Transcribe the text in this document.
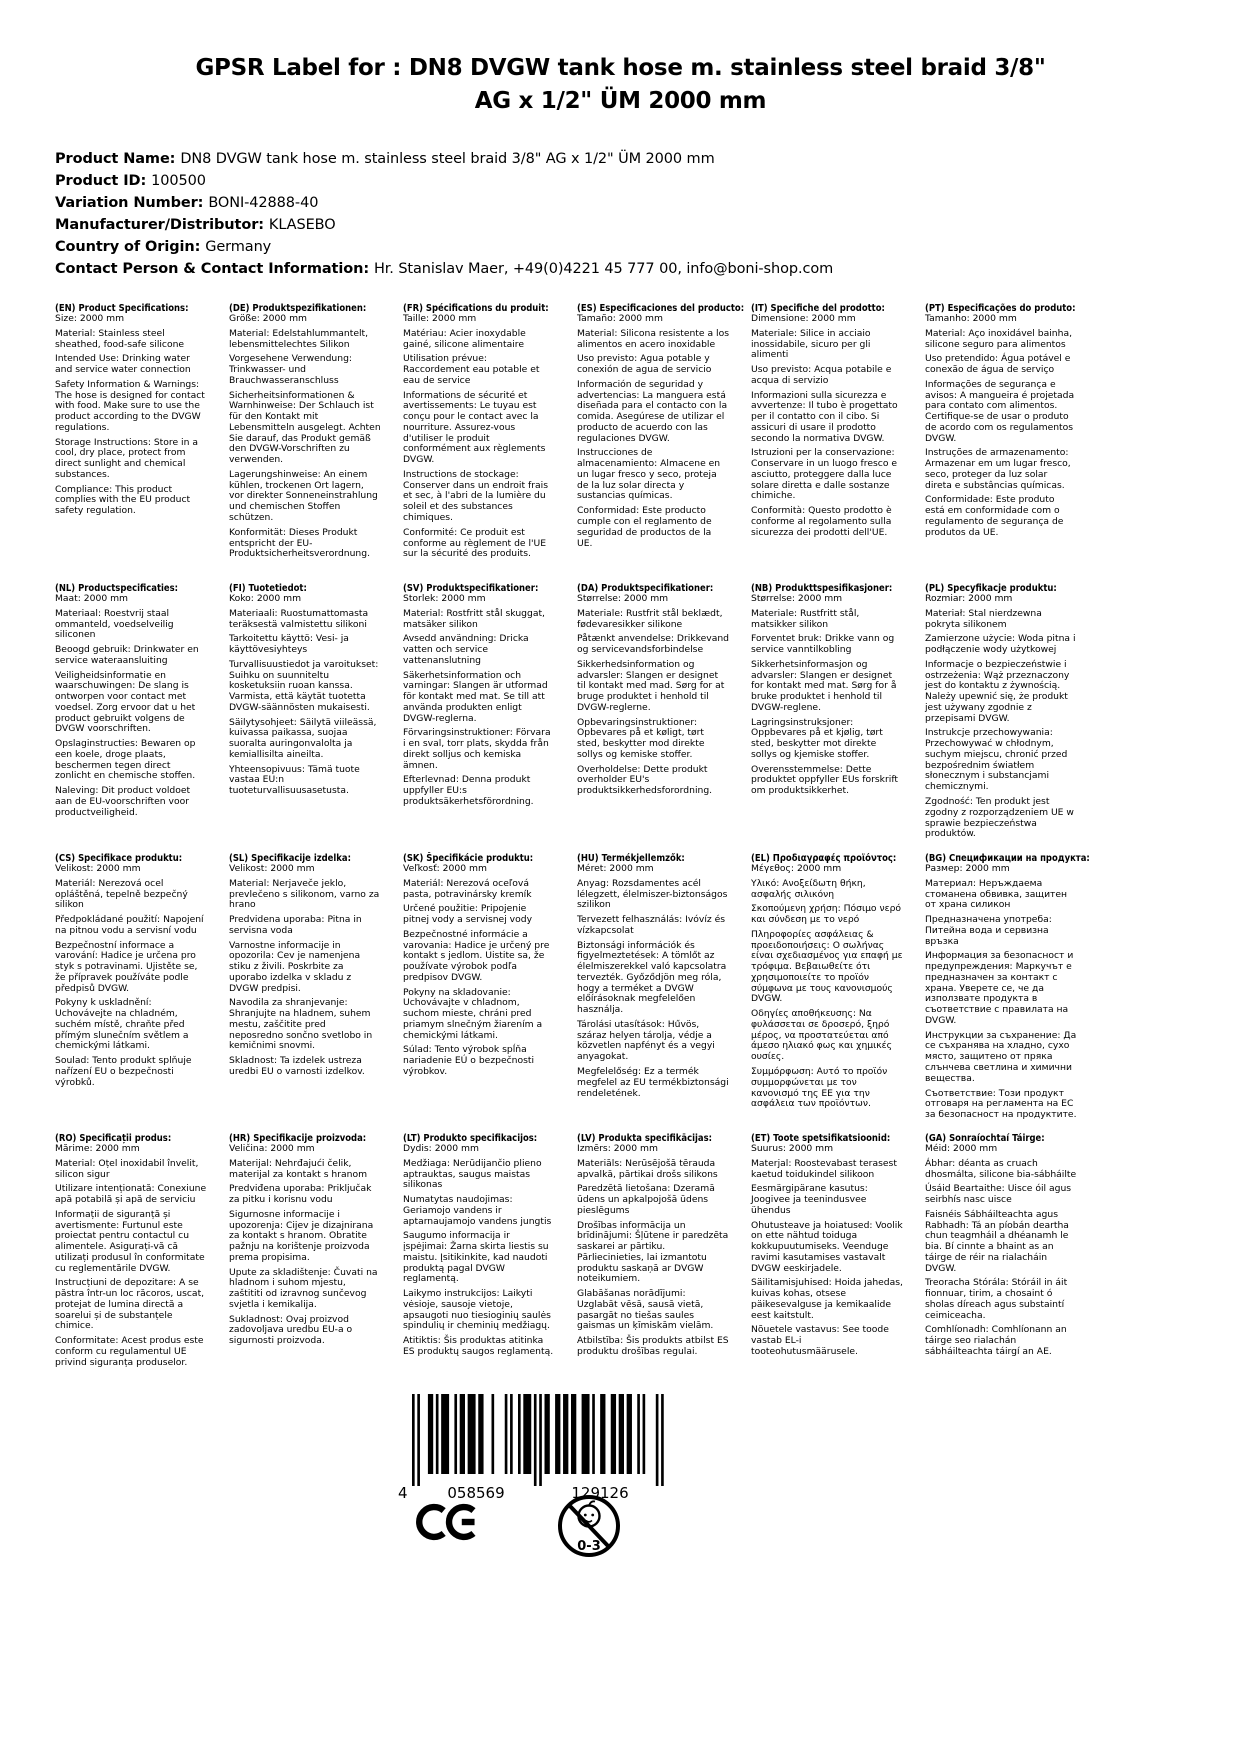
GPSR Label for : DN8 DVGW tank hose m. stainless steel braid 3/8"
AG x 1/2" ÜM 2000 mm
Product Name: DN8 DVGW tank hose m. stainless steel braid 3/8" AG x 1/2" ÜM 2000 mm
Product ID: 100500
Variation Number: BONI-42888-40
Manufacturer/Distributor: KLASEBO
Country of Origin: Germany
Contact Person & Contact Information: Hr. Stanislav Maer, +49(0)4221 45 777 00, info@boni-shop.com
(EN) Product Specifications:
Size: 2000 mm
Material: Stainless steel sheathed, food-safe silicone
Intended Use: Drinking water and service water connection
Safety Information & Warnings: The hose is designed for contact with food. Make sure to use the product according to the DVGW regulations.
Storage Instructions: Store in a cool, dry place, protect from direct sunlight and chemical substances.
Compliance: This product complies with the EU product safety regulation.
(DE) Produktspezifikationen:
Größe: 2000 mm
Material: Edelstahlummantelt, lebensmittelechtes Silikon
Vorgesehene Verwendung: Trinkwasser- und Brauchwasseranschluss
Sicherheitsinformationen & Warnhinweise: Der Schlauch ist für den Kontakt mit Lebensmitteln ausgelegt. Achten Sie darauf, das Produkt gemäß den DVGW-Vorschriften zu verwenden.
Lagerungshinweise: An einem kühlen, trockenen Ort lagern, vor direkter Sonneneinstrahlung und chemischen Stoffen schützen.
Konformität: Dieses Produkt entspricht der EU-Produktsicherheitsverordnung.
(FR) Spécifications du produit:
Taille: 2000 mm
Matériau: Acier inoxydable gainé, silicone alimentaire
Utilisation prévue: Raccordement eau potable et eau de service
Informations de sécurité et avertissements: Le tuyau est conçu pour le contact avec la nourriture. Assurez-vous d'utiliser le produit conformément aux règlements DVGW.
Instructions de stockage: Conserver dans un endroit frais et sec, à l'abri de la lumière du soleil et des substances chimiques.
Conformité: Ce produit est conforme au règlement de l'UE sur la sécurité des produits.
(ES) Especificaciones del producto:
Tamaño: 2000 mm
Material: Silicona resistente a los alimentos en acero inoxidable
Uso previsto: Agua potable y conexión de agua de servicio
Información de seguridad y advertencias: La manguera está diseñada para el contacto con la comida. Asegúrese de utilizar el producto de acuerdo con las regulaciones DVGW.
Instrucciones de almacenamiento: Almacene en un lugar fresco y seco, proteja de la luz solar directa y sustancias químicas.
Conformidad: Este producto cumple con el reglamento de seguridad de productos de la UE.
(IT) Specifiche del prodotto:
Dimensione: 2000 mm
Materiale: Silice in acciaio inossidabile, sicuro per gli alimenti
Uso previsto: Acqua potabile e acqua di servizio
Informazioni sulla sicurezza e avvertenze: Il tubo è progettato per il contatto con il cibo. Si assicuri di usare il prodotto secondo la normativa DVGW.
Istruzioni per la conservazione: Conservare in un luogo fresco e asciutto, proteggere dalla luce solare diretta e dalle sostanze chimiche.
Conformità: Questo prodotto è conforme al regolamento sulla sicurezza dei prodotti dell'UE.
(PT) Especificações do produto:
Tamanho: 2000 mm
Material: Aço inoxidável bainha, silicone seguro para alimentos
Uso pretendido: Água potável e conexão de água de serviço
Informações de segurança e avisos: A mangueira é projetada para contato com alimentos. Certifique-se de usar o produto de acordo com os regulamentos DVGW.
Instruções de armazenamento: Armazenar em um lugar fresco, seco, proteger da luz solar direta e substâncias químicas.
Conformidade: Este produto está em conformidade com o regulamento de segurança de produtos da UE.
(NL) Productspecificaties:
Maat: 2000 mm
Materiaal: Roestvrij staal ommanteld, voedselveilig siliconen
Beoogd gebruik: Drinkwater en service wateraansluiting
Veiligheidsinformatie en waarschuwingen: De slang is ontworpen voor contact met voedsel. Zorg ervoor dat u het product gebruikt volgens de DVGW voorschriften.
Opslaginstructies: Bewaren op een koele, droge plaats, beschermen tegen direct zonlicht en chemische stoffen.
Naleving: Dit product voldoet aan de EU-voorschriften voor productveiligheid.
(FI) Tuotetiedot:
Koko: 2000 mm
Materiaali: Ruostumattomasta teräksestä valmistettu silikoni
Tarkoitettu käyttö: Vesi- ja käyttövesiyhteys
Turvallisuustiedot ja varoitukset: Suihku on suunniteltu kosketuksiin ruoan kanssa. Varmista, että käytät tuotetta DVGW-säännösten mukaisesti.
Säilytysohjeet: Säilytä viileässä, kuivassa paikassa, suojaa suoralta auringonvalolta ja kemiallisilta aineilta.
Yhteensopivuus: Tämä tuote vastaa EU:n tuoteturvallisuusasetusta.
(SV) Produktspecifikationer:
Storlek: 2000 mm
Material: Rostfritt stål skuggat, matsäker silikon
Avsedd användning: Dricka vatten och service vattenanslutning
Säkerhetsinformation och varningar: Slangen är utformad för kontakt med mat. Se till att använda produkten enligt DVGW-reglerna.
Förvaringsinstruktioner: Förvara i en sval, torr plats, skydda från direkt solljus och kemiska ämnen.
Efterlevnad: Denna produkt uppfyller EU:s produktsäkerhetsförordning.
(DA) Produktspecifikationer:
Størrelse: 2000 mm
Materiale: Rustfrit stål beklædt, fødevaresikker silikone
Påtænkt anvendelse: Drikkevand og servicevandsforbindelse
Sikkerhedsinformation og advarsler: Slangen er designet til kontakt med mad. Sørg for at bruge produktet i henhold til DVGW-reglerne.
Opbevaringsinstruktioner: Opbevares på et køligt, tørt sted, beskytter mod direkte sollys og kemiske stoffer.
Overholdelse: Dette produkt overholder EU's produktsikkerhedsforordning.
(NB) Produkttspesifikasjoner:
Størrelse: 2000 mm
Materiale: Rustfritt stål, matsikker silikon
Forventet bruk: Drikke vann og service vanntilkobling
Sikkerhetsinformasjon og advarsler: Slangen er designet for kontakt med mat. Sørg for å bruke produktet i henhold til DVGW-reglene.
Lagringsinstruksjoner: Oppbevares på et kjølig, tørt sted, beskytter mot direkte sollys og kjemiske stoffer.
Overensstemmelse: Dette produktet oppfyller EUs forskrift om produktsikkerhet.
(PL) Specyfikacje produktu:
Rozmiar: 2000 mm
Materiał: Stal nierdzewna pokryta silikonem
Zamierzone użycie: Woda pitna i podłączenie wody użytkowej
Informacje o bezpieczeństwie i ostrzeżenia: Wąż przeznaczony jest do kontaktu z żywnością. Należy upewnić się, że produkt jest używany zgodnie z przepisami DVGW.
Instrukcje przechowywania: Przechowywać w chłodnym, suchym miejscu, chronić przed bezpośrednim światłem słonecznym i substancjami chemicznymi.
Zgodność: Ten produkt jest zgodny z rozporządzeniem UE w sprawie bezpieczeństwa produktów.
(CS) Specifikace produktu:
Velikost: 2000 mm
Materiál: Nerezová ocel opláštěná, tepelně bezpečný silikon
Předpokládané použití: Napojení na pitnou vodu a servisní vodu
Bezpečnostní informace a varování: Hadice je určena pro styk s potravinami. Ujistěte se, že přípravek používáte podle předpisů DVGW.
Pokyny k uskladnění: Uchovávejte na chladném, suchém místě, chraňte před přímým slunečním světlem a chemickými látkami.
Soulad: Tento produkt splňuje nařízení EU o bezpečnosti výrobků.
(SL) Specifikacije izdelka:
Velikost: 2000 mm
Material: Nerjaveče jeklo, prevlečeno s silikonom, varno za hrano
Predvidena uporaba: Pitna in servisna voda
Varnostne informacije in opozorila: Cev je namenjena stiku z živili. Poskrbite za uporabo izdelka v skladu z DVGW predpisi.
Navodila za shranjevanje: Shranjujte na hladnem, suhem mestu, zaščitite pred neposredno sončno svetlobo in kemičnimi snovmi.
Skladnost: Ta izdelek ustreza uredbi EU o varnosti izdelkov.
(SK) Špecifikácie produktu:
Veľkosť: 2000 mm
Materiál: Nerezová oceľová pasta, potravinársky kremík
Určené použitie: Pripojenie pitnej vody a servisnej vody
Bezpečnostné informácie a varovania: Hadice je určený pre kontakt s jedlom. Uistite sa, že používate výrobok podľa predpisov DVGW.
Pokyny na skladovanie: Uchovávajte v chladnom, suchom mieste, chráni pred priamym slnečným žiarením a chemickými látkami.
Súlad: Tento výrobok spĺňa nariadenie EÚ o bezpečnosti výrobkov.
(HU) Termékjellemzők:
Méret: 2000 mm
Anyag: Rozsdamentes acél lélegzett, élelmiszer-biztonságos szilikon
Tervezett felhasználás: Ivóvíz és vízkapcsolat
Biztonsági információk és figyelmeztetések: A tömlőt az élelmiszerekkel való kapcsolatra tervezték. Győződjön meg róla, hogy a terméket a DVGW előírásoknak megfelelően használja.
Tárolási utasítások: Hűvös, száraz helyen tárolja, védje a közvetlen napfényt és a vegyi anyagokat.
Megfelelőség: Ez a termék megfelel az EU termékbiztonsági rendeletének.
(EL) Προδιαγραφές προϊόντος:
Μέγεθος: 2000 mm
Υλικό: Ανοξείδωτη θήκη, ασφαλής σιλικόνη
Σκοπούμενη χρήση: Πόσιμο νερό και σύνδεση με το νερό
Πληροφορίες ασφάλειας & προειδοποιήσεις: Ο σωλήνας είναι σχεδιασμένος για επαφή με τρόφιμα. Βεβαιωθείτε ότι χρησιμοποιείτε το προϊόν σύμφωνα με τους κανονισμούς DVGW.
Οδηγίες αποθήκευσης: Να φυλάσσεται σε δροσερό, ξηρό μέρος, να προστατεύεται από άμεσο ηλιακό φως και χημικές ουσίες.
Συμμόρφωση: Αυτό το προϊόν συμμορφώνεται με τον κανονισμό της ΕΕ για την ασφάλεια των προϊόντων.
(BG) Спецификации на продукта:
Размер: 2000 mm
Материал: Неръждаема стоманена обвивка, защитен от храна силикон
Предназначена употреба: Питейна вода и сервизна връзка
Информация за безопасност и предупреждения: Маркучът е предназначен за контакт с храна. Уверете се, че да използвате продукта в съответствие с правилата на DVGW.
Инструкции за съхранение: Да се съхранява на хладно, сухо място, защитено от пряка слънчева светлина и химични вещества.
Съответствие: Този продукт отговаря на регламента на ЕС за безопасност на продуктите.
(RO) Specificații produs:
Mărime: 2000 mm
Material: Oțel inoxidabil învelit, silicon sigur
Utilizare intenționată: Conexiune apă potabilă și apă de serviciu
Informații de siguranță și avertismente: Furtunul este proiectat pentru contactul cu alimentele. Asigurați-vă că utilizați produsul în conformitate cu reglementările DVGW.
Instrucțiuni de depozitare: A se păstra într-un loc răcoros, uscat, protejat de lumina directă a soarelui și de substanțele chimice.
Conformitate: Acest produs este conform cu regulamentul UE privind siguranța produselor.
(HR) Specifikacije proizvoda:
Veličina: 2000 mm
Materijal: Nehrđajući čelik, materijal za kontakt s hranom
Predviđena uporaba: Priključak za pitku i korisnu vodu
Sigurnosne informacije i upozorenja: Cijev je dizajnirana za kontakt s hranom. Obratite pažnju na korištenje proizvoda prema propisima.
Upute za skladištenje: Čuvati na hladnom i suhom mjestu, zaštititi od izravnog sunčevog svjetla i kemikalija.
Sukladnost: Ovaj proizvod zadovoljava uredbu EU-a o sigurnosti proizvoda.
(LT) Produkto specifikacijos:
Dydis: 2000 mm
Medžiaga: Nerūdijančio plieno aptrauktas, saugus maistas silikonas
Numatytas naudojimas: Geriamojo vandens ir aptarnaujamojo vandens jungtis
Saugumo informacija ir įspėjimai: Žarna skirta liestis su maistu. Įsitikinkite, kad naudoti produktą pagal DVGW reglamentą.
Laikymo instrukcijos: Laikyti vėsioje, sausoje vietoje, apsaugoti nuo tiesioginių saulės spindulių ir cheminių medžiagų.
Atitiktis: Šis produktas atitinka ES produktų saugos reglamentą.
(LV) Produkta specifikācijas:
Izmērs: 2000 mm
Materiāls: Nerūsējošā tērauda apvalkā, pārtikai drošs silikons
Paredzētā lietošana: Dzeramā ūdens un apkalpojošā ūdens pieslēgums
Drošības informācija un brīdinājumi: Šļūtene ir paredzēta saskarei ar pārtiku. Pārliecinieties, lai izmantotu produktu saskaņā ar DVGW noteikumiem.
Glabāšanas norādījumi: Uzglabāt vēsā, sausā vietā, pasargāt no tiešas saules gaismas un ķīmiskām vielām.
Atbilstība: Šis produkts atbilst ES produktu drošības regulai.
(ET) Toote spetsifikatsioonid:
Suurus: 2000 mm
Materjal: Roostevabast terasest kaetud toidukindel silikoon
Eesmärgipärane kasutus: Joogivee ja teenindusvee ühendus
Ohutusteave ja hoiatused: Voolik on ette nähtud toiduga kokkupuutumiseks. Veenduge ravimi kasutamises vastavalt DVGW eeskirjadele.
Säilitamisjuhised: Hoida jahedas, kuivas kohas, otsese päikesevalguse ja kemikaalide eest kaitstult.
Nõuetele vastavus: See toode vastab EL-i tooteohutusmäärusele.
(GA) Sonraíochtaí Táirge:
Méid: 2000 mm
Ábhar: déanta as cruach dhosmálta, silicone bia-sábháilte
Úsáid Beartaithe: Uisce óil agus seirbhís nasc uisce
Faisnéis Sábháilteachta agus Rabhadh: Tá an píobán deartha chun teagmháil a dhéanamh le bia. Bí cinnte a bhaint as an táirge de réir na rialacháin DVGW.
Treoracha Stórála: Stóráil in áit fionnuar, tirim, a chosaint ó sholas díreach agus substaintí ceimiceacha.
Comhlíonadh: Comhlíonann an táirge seo rialachán sábháilteachta táirgí an AE.
4	058569	129126
0-3
